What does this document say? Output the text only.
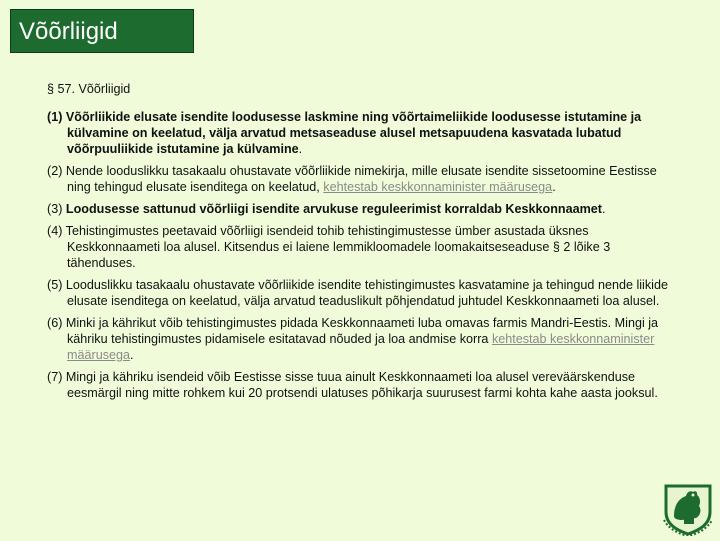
Võõrliigid
§ 57. Võõrliigid

(1) Võõrliikide elusate isendite loodusesse laskmine ning võõrtaimeliikide loodusesse istutamine ja külvamine on keelatud, välja arvatud metsaseaduse alusel metsapuudena kasvatada lubatud võõrpuuliikide istutamine ja külvamine.

(2) Nende looduslikku tasakaalu ohustavate võõrliikide nimekirja, mille elusate isendite sissetoomine Eestisse ning tehingud elusate isenditega on keelatud, kehtestab keskkonnaminister määrusega.

(3) Loodusesse sattunud võõrliigi isendite arvukuse reguleerimist korraldab Keskkonnaamet.

(4) Tehistingimustes peetavaid võõrliigi isendeid tohib tehistingimustesse ümber asustada üksnes Keskkonnaameti loa alusel. Kitsendus ei laiene lemmikloomadele loomakaitseseaduse § 2 lõike 3 tähenduses.

(5) Looduslikku tasakaalu ohustavate võõrliikide isendite tehistingimustes kasvatamine ja tehingud nende liikide elusate isenditega on keelatud, välja arvatud teaduslikult põhjendatud juhtudel Keskkonnaameti loa alusel.

(6) Minki ja kährikut võib tehistingimustes pidada Keskkonnaameti luba omavas farmis Mandri-Eestis. Mingi ja kähriku tehistingimustes pidamisele esitatavad nõuded ja loa andmise korra kehtestab keskkonnaminister määrusega.

(7) Mingi ja kähriku isendeid võib Eestisse sisse tuua ainult Keskkonnaameti loa alusel vereväärskenduse eesmärgil ning mitte rohkem kui 20 protsendi ulatuses põhikarja suurusest farmi kohta kahe aasta jooksul.
